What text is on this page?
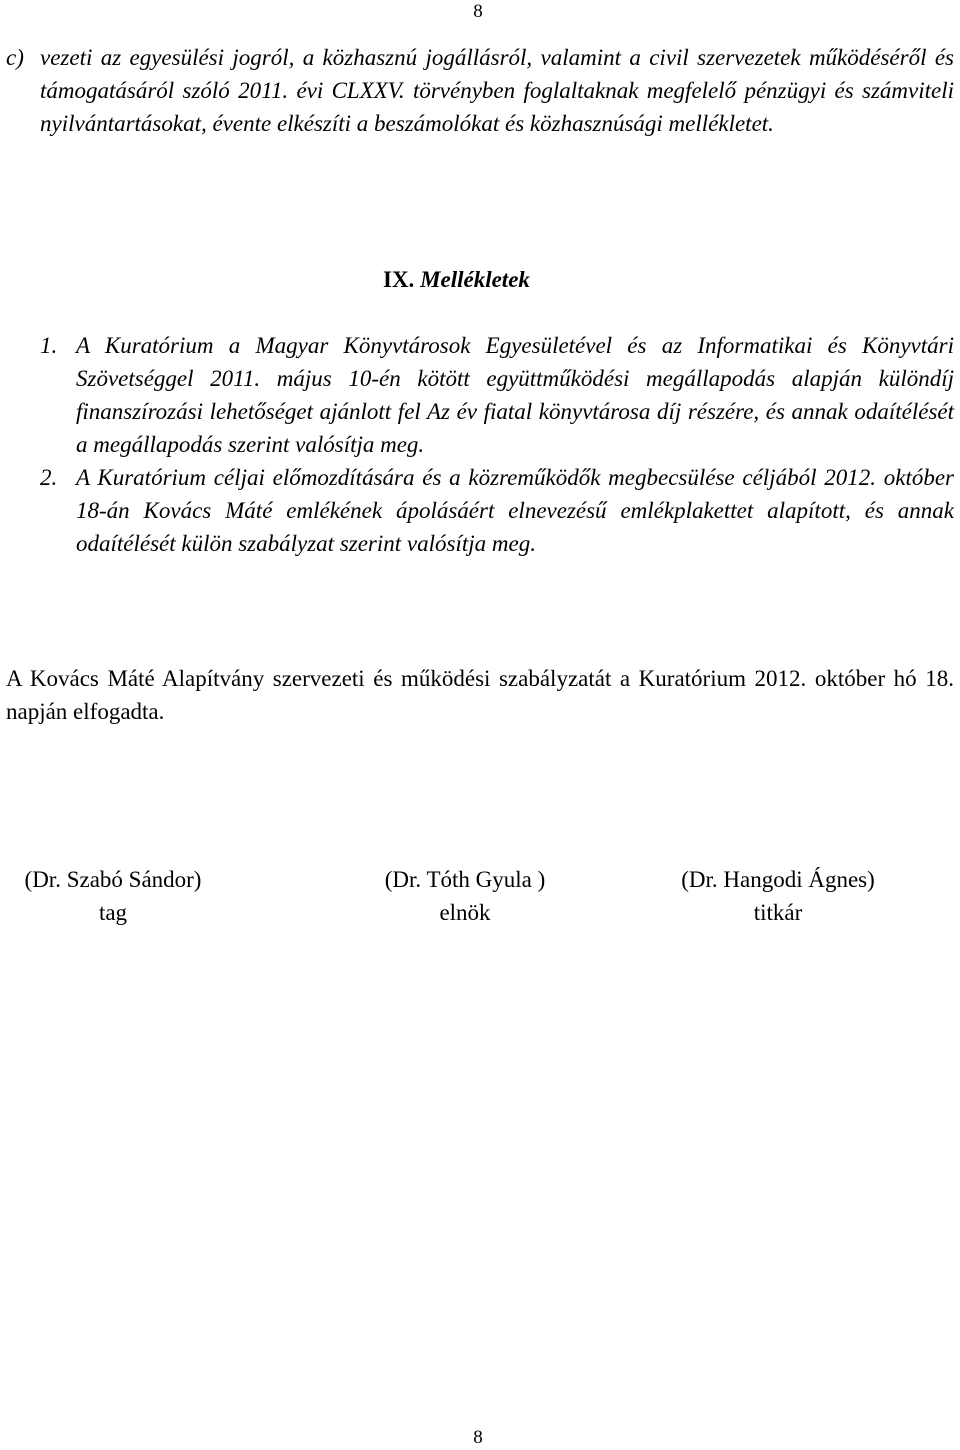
8
c) vezeti az egyesülési jogról, a közhasznú jogállásról, valamint a civil szervezetek működéséről és támogatásáról szóló 2011. évi CLXXV. törvényben foglaltaknak megfelelő pénzügyi és számviteli nyilvántartásokat, évente elkészíti a beszámolókat és közhasznúsági mellékletet.
IX. Mellékletek
1. A Kuratórium a Magyar Könyvtárosok Egyesületével és az Informatikai és Könyvtári Szövetséggel 2011. május 10-én kötött együttműködési megállapodás alapján különdíj finanszírozási lehetőséget ajánlott fel Az év fiatal könyvtárosa díj részére, és annak odaítélését a megállapodás szerint valósítja meg.
2. A Kuratórium céljai előmozdítására és a közreműködők megbecsülése céljából 2012. október 18-án Kovács Máté emlékének ápolásáért elnevezésű emlékplakettet alapított, és annak odaítélését külön szabályzat szerint valósítja meg.
A Kovács Máté Alapítvány szervezeti és működési szabályzatát a Kuratórium 2012. október hó 18. napján elfogadta.
(Dr. Szabó Sándor)
tag
(Dr. Tóth Gyula )
elnök
(Dr. Hangodi Ágnes)
titkár
8
